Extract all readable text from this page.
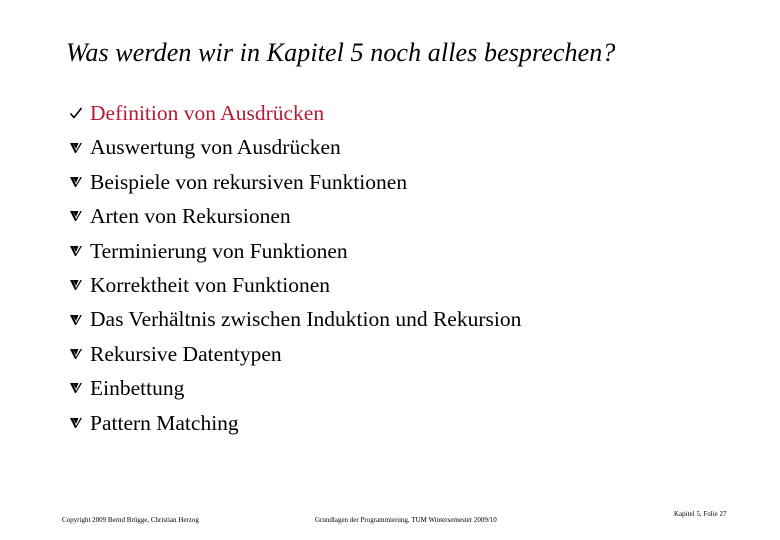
Was werden wir in Kapitel 5 noch alles besprechen?
Definition von Ausdrücken
Auswertung von Ausdrücken
Beispiele von rekursiven Funktionen
Arten von Rekursionen
Terminierung von Funktionen
Korrektheit von Funktionen
Das Verhältnis zwischen Induktion und Rekursion
Rekursive Datentypen
Einbettung
Pattern Matching
Copyright 2009 Bernd Brügge, Christian Herzog	Grundlagen der Programmierung, TUM Wintersemester 2009/10
Kapitel 5, Folie 27
